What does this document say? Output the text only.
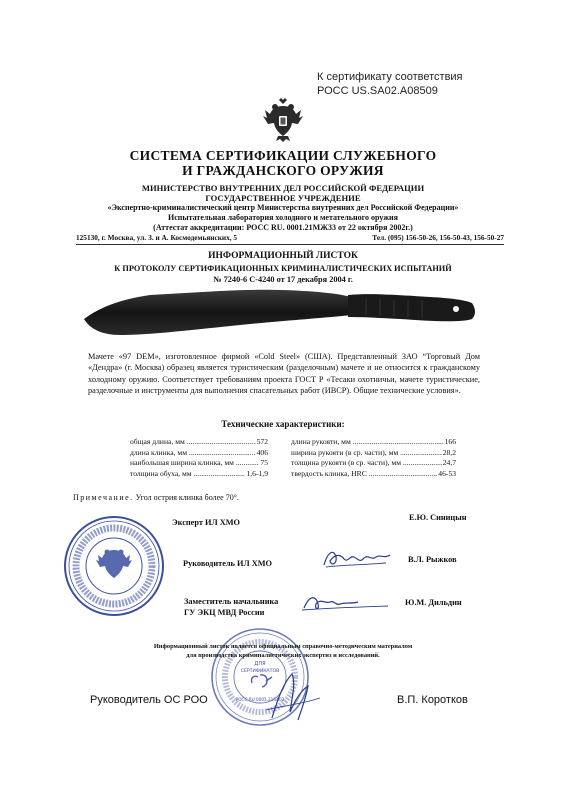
К сертификату соответствия
РОСС US.SA02.A08509
СИСТЕМА СЕРТИФИКАЦИИ СЛУЖЕБНОГО
И ГРАЖДАНСКОГО ОРУЖИЯ
МИНИСТЕРСТВО ВНУТРЕННИХ ДЕЛ РОССИЙСКОЙ ФЕДЕРАЦИИ
ГОСУДАРСТВЕННОЕ УЧРЕЖДЕНИЕ
«Экспертно-криминалистический центр Министерства внутренних дел Российской Федерации»
Испытательная лаборатория холодного и метательного оружия
(Аттестат аккредитации: РОСС RU. 0001.21МЖ33 от 22 октября 2002г.)
125130, г. Москва, ул. З. и А. Космодемьянских, 5	Тел. (095) 156-50-26, 156-50-43, 156-50-27
ИНФОРМАЦИОННЫЙ ЛИСТОК
К ПРОТОКОЛУ СЕРТИФИКАЦИОННЫХ КРИМИНАЛИСТИЧЕСКИХ ИСПЫТАНИЙ
№ 7240-6 С-4240 от 17 декабря 2004 г.
Мачете «97 DEM», изготовленное фирмой «Cold Steel» (США). Представленный ЗАО “Торговый Дом «Дендра» (г. Москва) образец является туристическим (разделочным) мачете и не относится к гражданскому холодному оружию. Соответствует требованиям проекта ГОСТ Р «Тесаки охотничьи, мачете туристические, разделочные и инструменты для выполнения спасательных работ (ИВСР). Общие технические условия».
Технические характеристики:
общая длина, мм .....	572
длина клинка, мм .....	406
наибольшая ширина клинка, мм .....	75
толщина обуха, мм .....	1,6-1,9
длина рукояти, мм .....	166
ширина рукояти (в ср. части), мм .....	28,2
толщина рукояти (в ср. части), мм .....	24,7
твердость клинка, HRC .....	46-53
Примечание. Угол острия клинка более 70°.
Эксперт ИЛ ХМО
Е.Ю. Синицын
Руководитель ИЛ ХМО	В.Л. Рыжков
Заместитель начальника
ГУ ЭКЦ МВД России
Ю.М. Дильдин
ДЛЯ
СЕРТИФИКАТОВ
РОСС RU.0001.11SA02
Информационный листок является официальным справочно-методическим материалом
для производства криминалистических экспертиз и исследований.
Руководитель ОС РОО	В.П. Коротков
